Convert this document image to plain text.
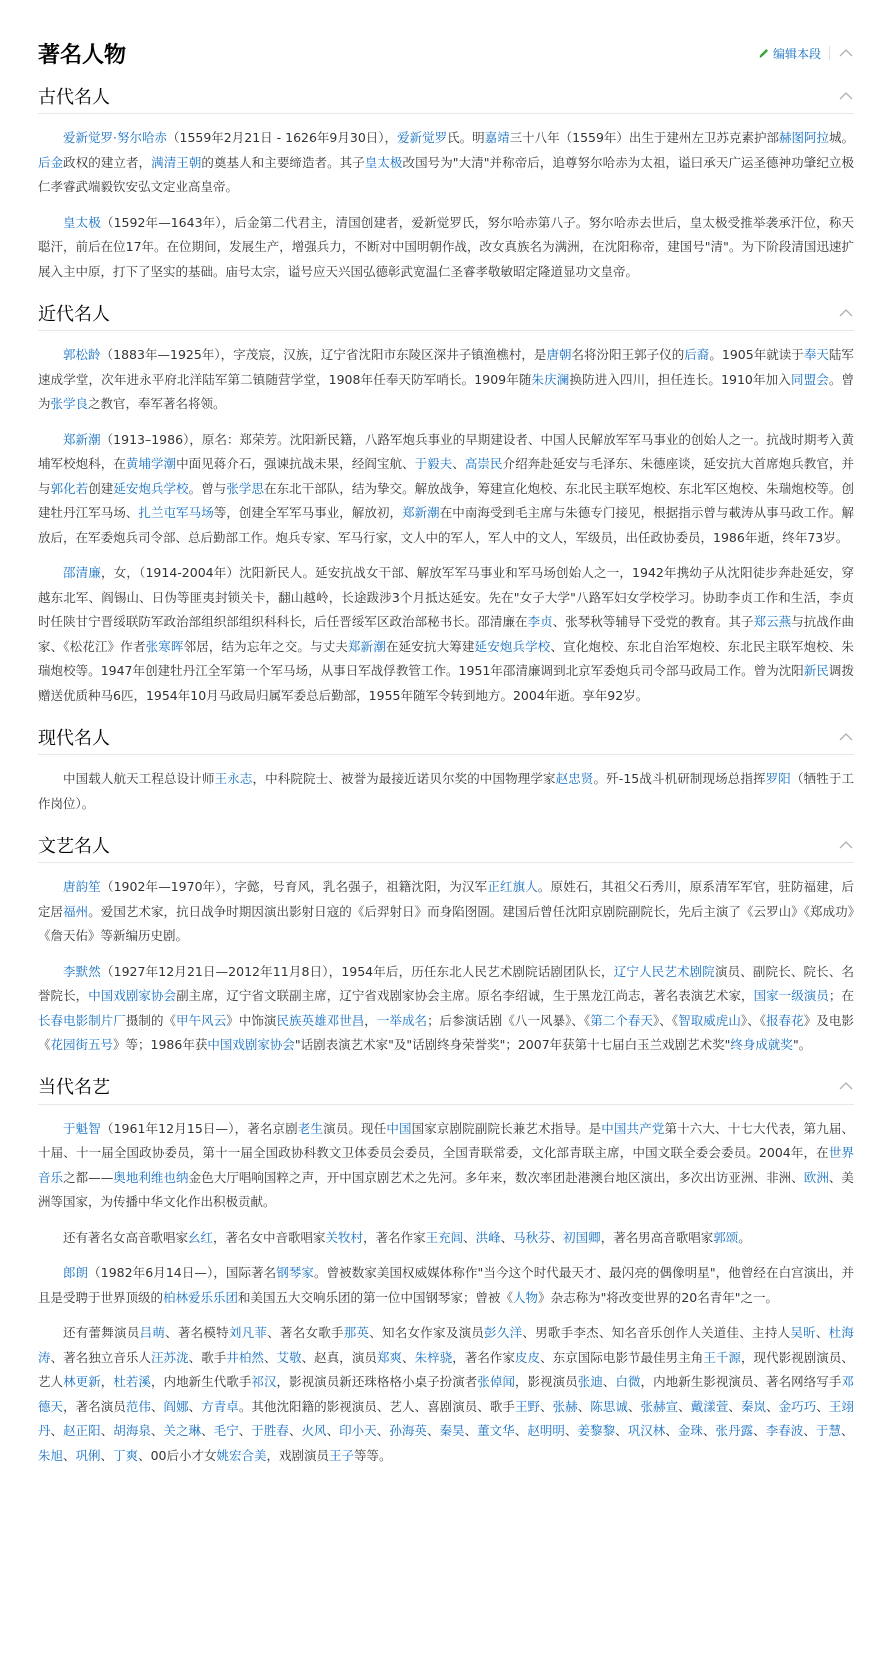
著名人物	编辑本段
古代名人

爱新觉罗·努尔哈赤（1559年2月21日 - 1626年9月30日），爱新觉罗氏。明嘉靖三十八年（1559年）出生于建州左卫苏克素护部赫图阿拉城。后金政权的建立者，满清王朝的奠基人和主要缔造者。其子皇太极改国号为"大清"并称帝后，追尊努尔哈赤为太祖，谥曰承天广运圣德神功肇纪立极仁孝睿武端毅钦安弘文定业高皇帝。

皇太极（1592年—1643年），后金第二代君主，清国创建者，爱新觉罗氏，努尔哈赤第八子。努尔哈赤去世后，皇太极受推举袭承汗位，称天聪汗，前后在位17年。在位期间，发展生产，增强兵力，不断对中国明朝作战，改女真族名为满洲，在沈阳称帝，建国号"清"。为下阶段清国迅速扩展入主中原，打下了坚实的基础。庙号太宗，谥号应天兴国弘德彰武宽温仁圣睿孝敬敏昭定隆道显功文皇帝。

近代名人

郭松龄（1883年—1925年），字茂宸，汉族，辽宁省沈阳市东陵区深井子镇渔樵村，是唐朝名将汾阳王郭子仪的后裔。1905年就读于奉天陆军速成学堂，次年进永平府北洋陆军第二镇随营学堂，1908年任奉天防军哨长。1909年随朱庆澜换防进入四川，担任连长。1910年加入同盟会。曾为张学良之教官，奉军著名将领。

郑新潮（1913–1986），原名：郑荣芳。沈阳新民籍，八路军炮兵事业的早期建设者、中国人民解放军军马事业的创始人之一。抗战时期考入黄埔军校炮科，在黄埔学潮中面见蒋介石，强谏抗战未果，经阎宝航、于毅夫、高崇民介绍奔赴延安与毛泽东、朱德座谈，延安抗大首席炮兵教官，并与郭化若创建延安炮兵学校。曾与张学思在东北干部队，结为挚交。解放战争，筹建宣化炮校、东北民主联军炮校、东北军区炮校、朱瑞炮校等。创建牡丹江军马场、扎兰屯军马场等，创建全军军马事业，解放初，郑新潮在中南海受到毛主席与朱德专门接见，根据指示曾与載涛从事马政工作。解放后，在军委炮兵司令部、总后勤部工作。炮兵专家、军马行家，文人中的军人，军人中的文人，军级员，出任政协委员，1986年逝，终年73岁。

邵清廉，女，（1914-2004年）沈阳新民人。延安抗战女干部、解放军军马事业和军马场创始人之一，1942年携幼子从沈阳徒步奔赴延安，穿越东北军、阎锡山、日伪等匪夷封锁关卡，翻山越岭，长途跋涉3个月抵达延安。先在"女子大学"八路军妇女学校学习。协助李贞工作和生活，李贞时任陕甘宁晋绥联防军政治部组织部组织科科长，后任晋绥军区政治部秘书长。邵清廉在李贞、张琴秋等辅导下受党的教育。其子郑云燕与抗战作曲家、《松花江》作者张寒晖邻居，结为忘年之交。与丈夫郑新潮在延安抗大筹建延安炮兵学校、宣化炮校、东北自治军炮校、东北民主联军炮校、朱瑞炮校等。1947年创建牡丹江全军第一个军马场，从事日军战俘教管工作。1951年邵清廉调到北京军委炮兵司令部马政局工作。曾为沈阳新民调拨赠送优质种马6匹，1954年10月马政局归属军委总后勤部，1955年随军令转到地方。2004年逝。享年92岁。

现代名人

中国载人航天工程总设计师王永志，中科院院士、被誉为最接近诺贝尔奖的中国物理学家赵忠贤。歼-15战斗机研制现场总指挥罗阳（牺牲于工作岗位）。

文艺名人

唐韵笙（1902年—1970年），字懿，号育风，乳名强子，祖籍沈阳，为汉军正红旗人。原姓石，其祖父石秀川，原系清军军官，驻防福建，后定居福州。爱国艺术家，抗日战争时期因演出影射日寇的《后羿射日》而身陷囹圄。建国后曾任沈阳京剧院副院长，先后主演了《云罗山》《郑成功》《詹天佑》等新编历史剧。

李默然（1927年12月21日—2012年11月8日），1954年后，历任东北人民艺术剧院话剧团队长，辽宁人民艺术剧院演员、副院长、院长、名誉院长，中国戏剧家协会副主席，辽宁省文联副主席，辽宁省戏剧家协会主席。原名李绍诚，生于黑龙江尚志，著名表演艺术家，国家一级演员；在长春电影制片厂摄制的《甲午风云》中饰演民族英雄邓世昌，一举成名；后参演话剧《八一风暴》、《第二个春天》、《智取威虎山》、《报春花》及电影《花园街五号》等；1986年获中国戏剧家协会"话剧表演艺术家"及"话剧终身荣誉奖"；2007年获第十七届白玉兰戏剧艺术奖"终身成就奖"。

当代名艺

于魁智（1961年12月15日—），著名京剧老生演员。现任中国国家京剧院副院长兼艺术指导。是中国共产党第十六大、十七大代表，第九届、十届、十一届全国政协委员，第十一届全国政协科教文卫体委员会委员，全国青联常委，文化部青联主席，中国文联全委会委员。2004年，在世界音乐之都——奥地利维也纳金色大厅唱响国粹之声，开中国京剧艺术之先河。多年来，数次率团赴港澳台地区演出，多次出访亚洲、非洲、欧洲、美洲等国家，为传播中华文化作出积极贡献。

还有著名女高音歌唱家幺红，著名女中音歌唱家关牧村，著名作家王充闾、洪峰、马秋芬、初国卿，著名男高音歌唱家郭颂。

郎朗（1982年6月14日—），国际著名钢琴家。曾被数家美国权威媒体称作"当今这个时代最天才、最闪亮的偶像明星"，他曾经在白宫演出，并且是受聘于世界顶级的柏林爱乐乐团和美国五大交响乐团的第一位中国钢琴家；曾被《人物》杂志称为"将改变世界的20名青年"之一。

还有蕾舞演员吕萌、著名模特刘凡菲、著名女歌手那英、知名女作家及演员彭久洋、男歌手李杰、知名音乐创作人关道佳、主持人吴昕、杜海涛、著名独立音乐人汪苏泷、歌手井柏然、艾敬、赵真，演员郑爽、朱梓骁，著名作家皮皮、东京国际电影节最佳男主角王千源，现代影视剧演员、艺人林更新，杜若溪，内地新生代歌手祁汉，影视演员新还珠格格小桌子扮演者张倬闻，影视演员张迪、白微，内地新生影视演员、著名网络写手邓德天，著名演员范伟、阎娜、方青卓。其他沈阳籍的影视演员、艺人、喜剧演员、歌手王野、张赫、陈思诚、张赫宣、戴漾萱、秦岚、金巧巧、王翊丹、赵正阳、胡海泉、关之琳、毛宁、于胜春、火风、印小天、孙海英、秦昊、董文华、赵明明、姜黎黎、巩汉林、金珠、张丹露、李春波、于慧、朱旭、巩俐、丁爽、00后小才女姚宏合美，戏剧演员王子等等。
